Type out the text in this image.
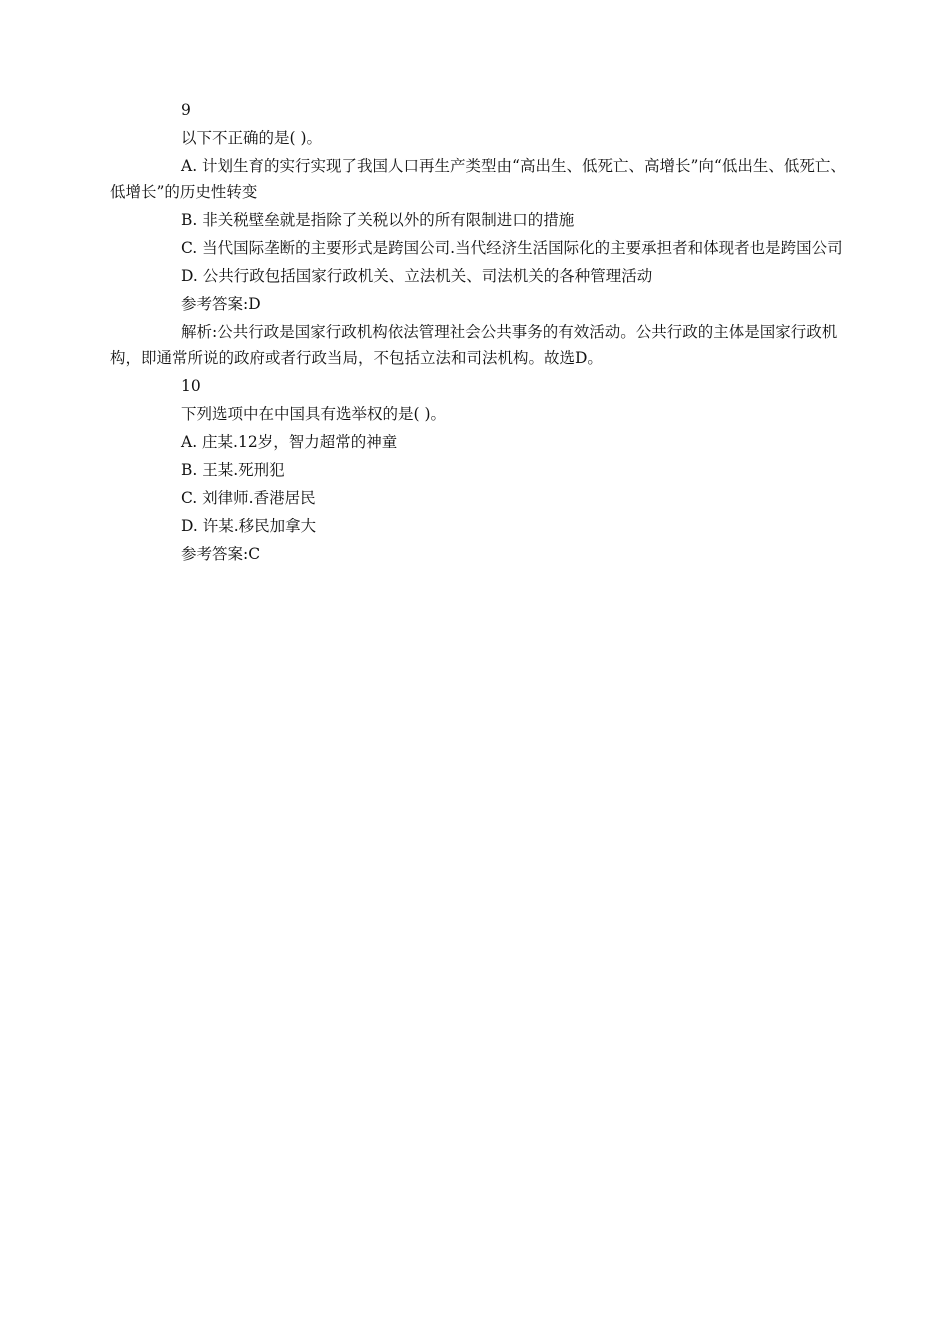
9

以下不正确的是( )。

A. 计划生育的实行实现了我国人口再生产类型由“高出生、低死亡、高增长”向“低出生、低死亡、低增长”的历史性转变

B. 非关税壁垒就是指除了关税以外的所有限制进口的措施

C. 当代国际垄断的主要形式是跨国公司.当代经济生活国际化的主要承担者和体现者也是跨国公司

D. 公共行政包括国家行政机关、立法机关、司法机关的各种管理活动

参考答案:D

解析:公共行政是国家行政机构依法管理社会公共事务的有效活动。公共行政的主体是国家行政机构，即通常所说的政府或者行政当局，不包括立法和司法机构。故选D。

10

下列选项中在中国具有选举权的是( )。

A. 庄某.12岁，智力超常的神童

B. 王某.死刑犯

C. 刘律师.香港居民

D. 许某.移民加拿大

参考答案:C
